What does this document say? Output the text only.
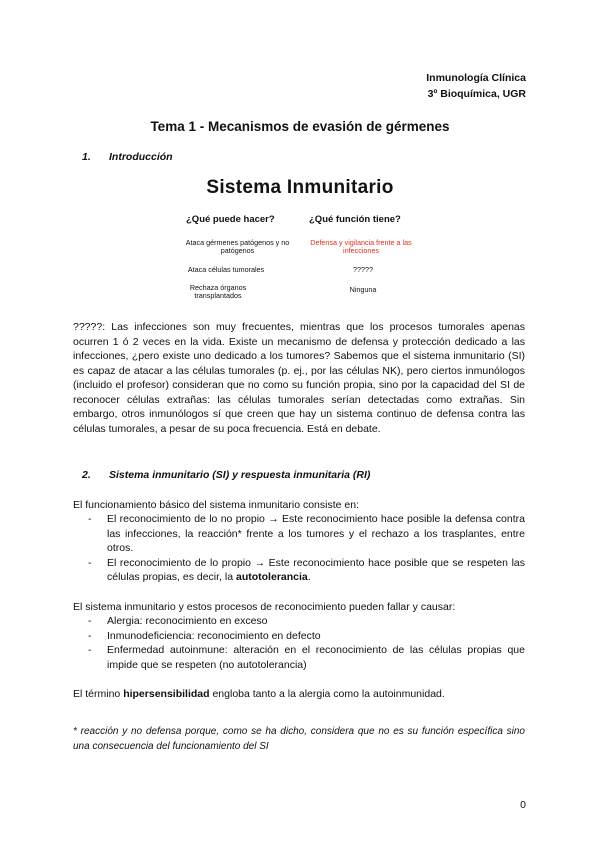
Inmunología Clínica
3º Bioquímica, UGR
Tema 1 - Mecanismos de evasión de gérmenes
1. Introducción
Sistema Inmunitario
¿Qué puede hacer?	¿Qué función tiene?
Ataca gérmenes patógenos y no patógenos
Defensa y vigilancia frente a las infecciones
Ataca células tumorales	?????
Rechaza órganos transplantados
Ninguna
?????: Las infecciones son muy frecuentes, mientras que los procesos tumorales apenas ocurren 1 ó 2 veces en la vida. Existe un mecanismo de defensa y protección dedicado a las infecciones, ¿pero existe uno dedicado a los tumores? Sabemos que el sistema inmunitario (SI) es capaz de atacar a las células tumorales (p. ej., por las células NK), pero ciertos inmunólogos (incluido el profesor) consideran que no como su función propia, sino por la capacidad del SI de reconocer células extrañas: las células tumorales serían detectadas como extrañas. Sin embargo, otros inmunólogos sí que creen que hay un sistema continuo de defensa contra las células tumorales, a pesar de su poca frecuencia. Está en debate.
2. Sistema inmunitario (SI) y respuesta inmunitaria (RI)
El funcionamiento básico del sistema inmunitario consiste en:
- El reconocimiento de lo no propio → Este reconocimiento hace posible la defensa contra las infecciones, la reacción* frente a los tumores y el rechazo a los trasplantes, entre otros.
- El reconocimiento de lo propio → Este reconocimiento hace posible que se respeten las células propias, es decir, la autotolerancia.
El sistema inmunitario y estos procesos de reconocimiento pueden fallar y causar:
- Alergia: reconocimiento en exceso
- Inmunodeficiencia: reconocimiento en defecto
- Enfermedad autoinmune: alteración en el reconocimiento de las células propias que impide que se respeten (no autotolerancia)
El término hipersensibilidad engloba tanto a la alergia como la autoinmunidad.
* reacción y no defensa porque, como se ha dicho, considera que no es su función específica sino una consecuencia del funcionamiento del SI
0
